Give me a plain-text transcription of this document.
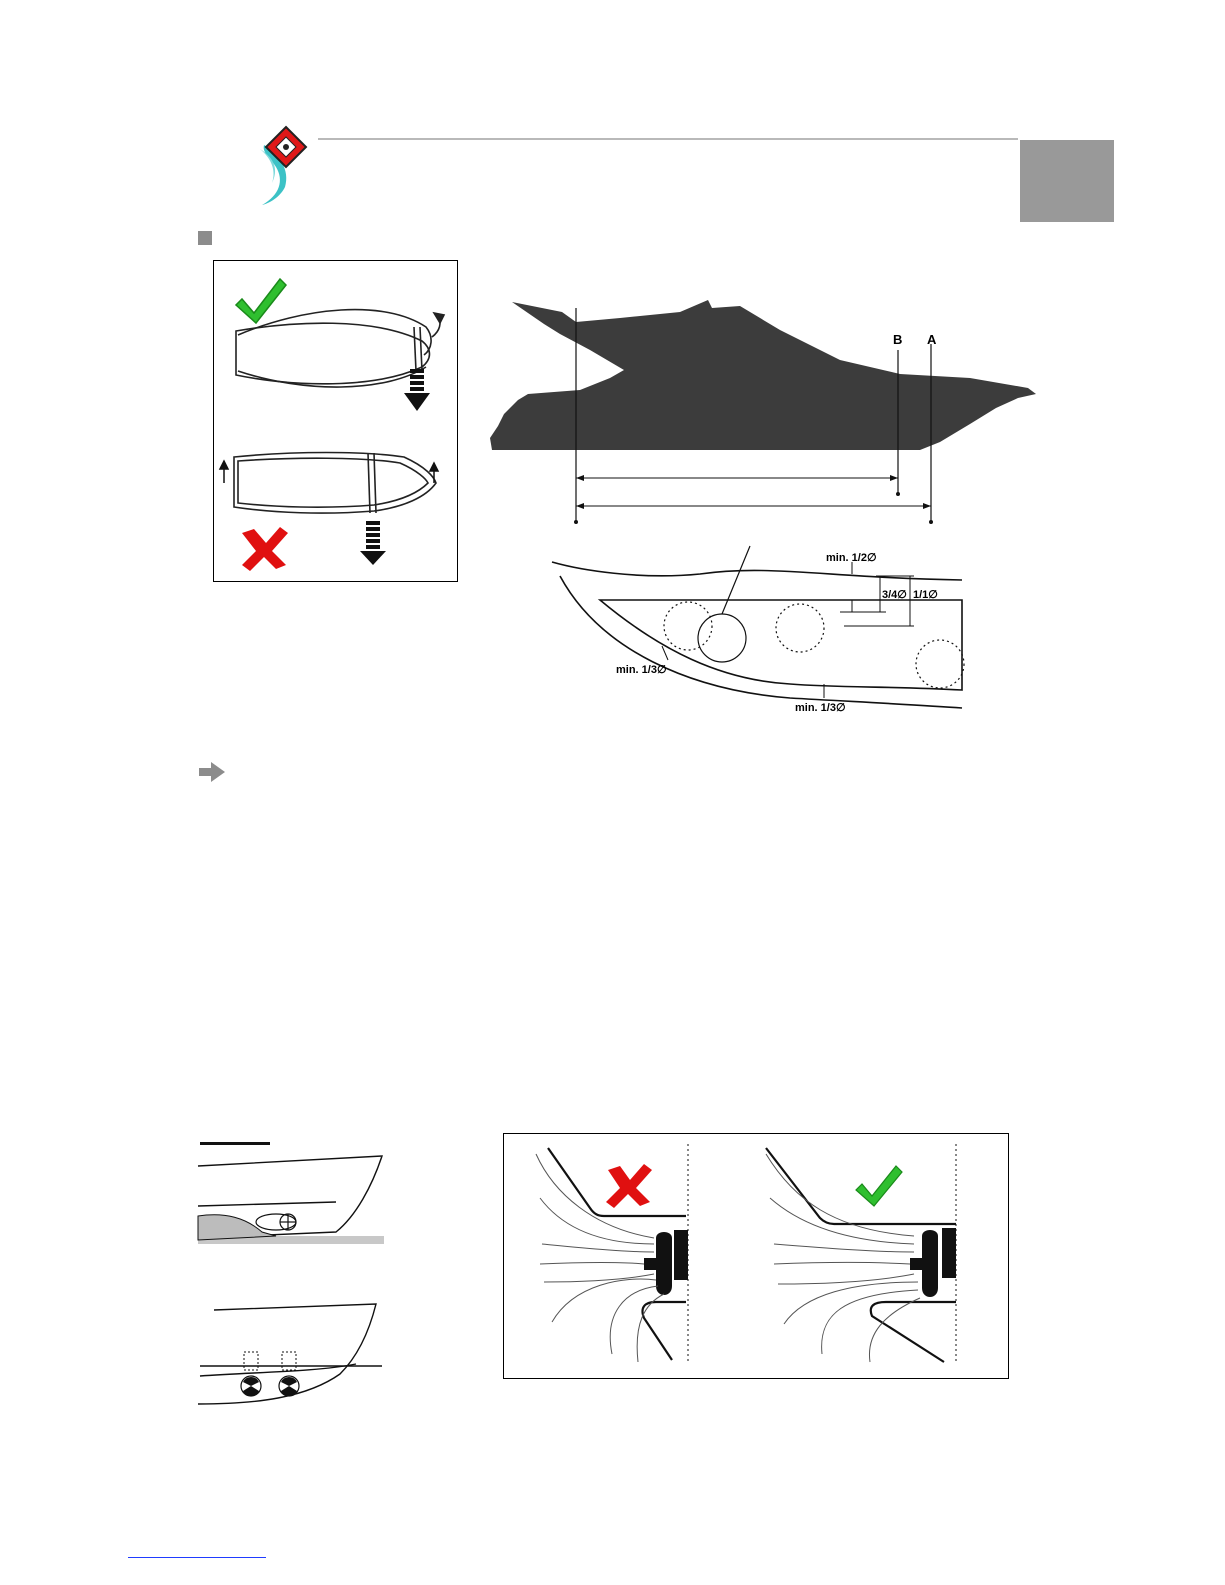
B A
min. 1/2∅
3/4∅ 1/1∅
min. 1/3∅
min. 1/3∅
